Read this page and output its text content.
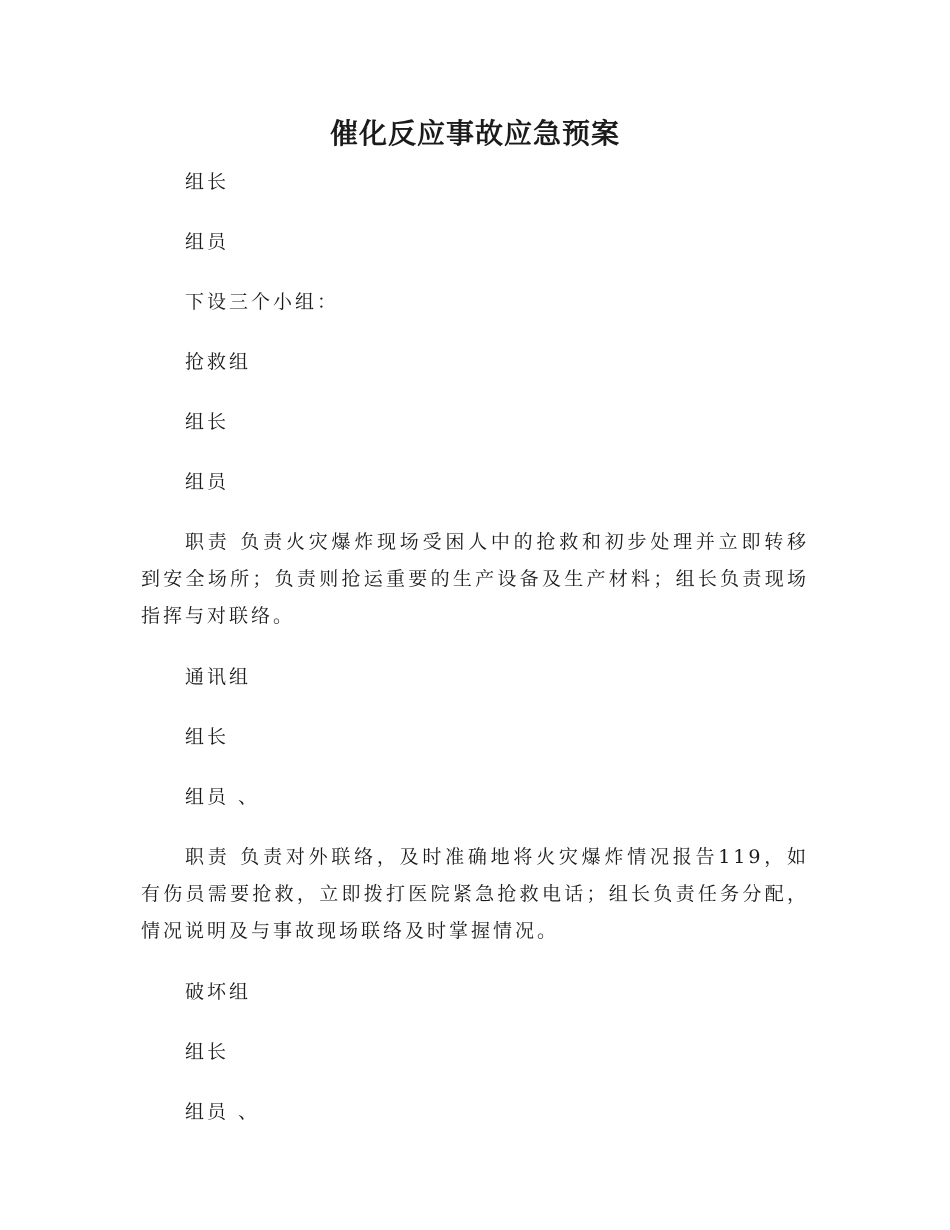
催化反应事故应急预案

组长

组员

下设三个小组：

抢救组

组长

组员

职责 负责火灾爆炸现场受困人中的抢救和初步处理并立即转移到安全场所；负责则抢运重要的生产设备及生产材料；组长负责现场指挥与对联络。

通讯组

组长

组员 、

职责 负责对外联络，及时准确地将火灾爆炸情况报告119，如有伤员需要抢救，立即拨打医院紧急抢救电话；组长负责任务分配，情况说明及与事故现场联络及时掌握情况。

破坏组

组长

组员 、
